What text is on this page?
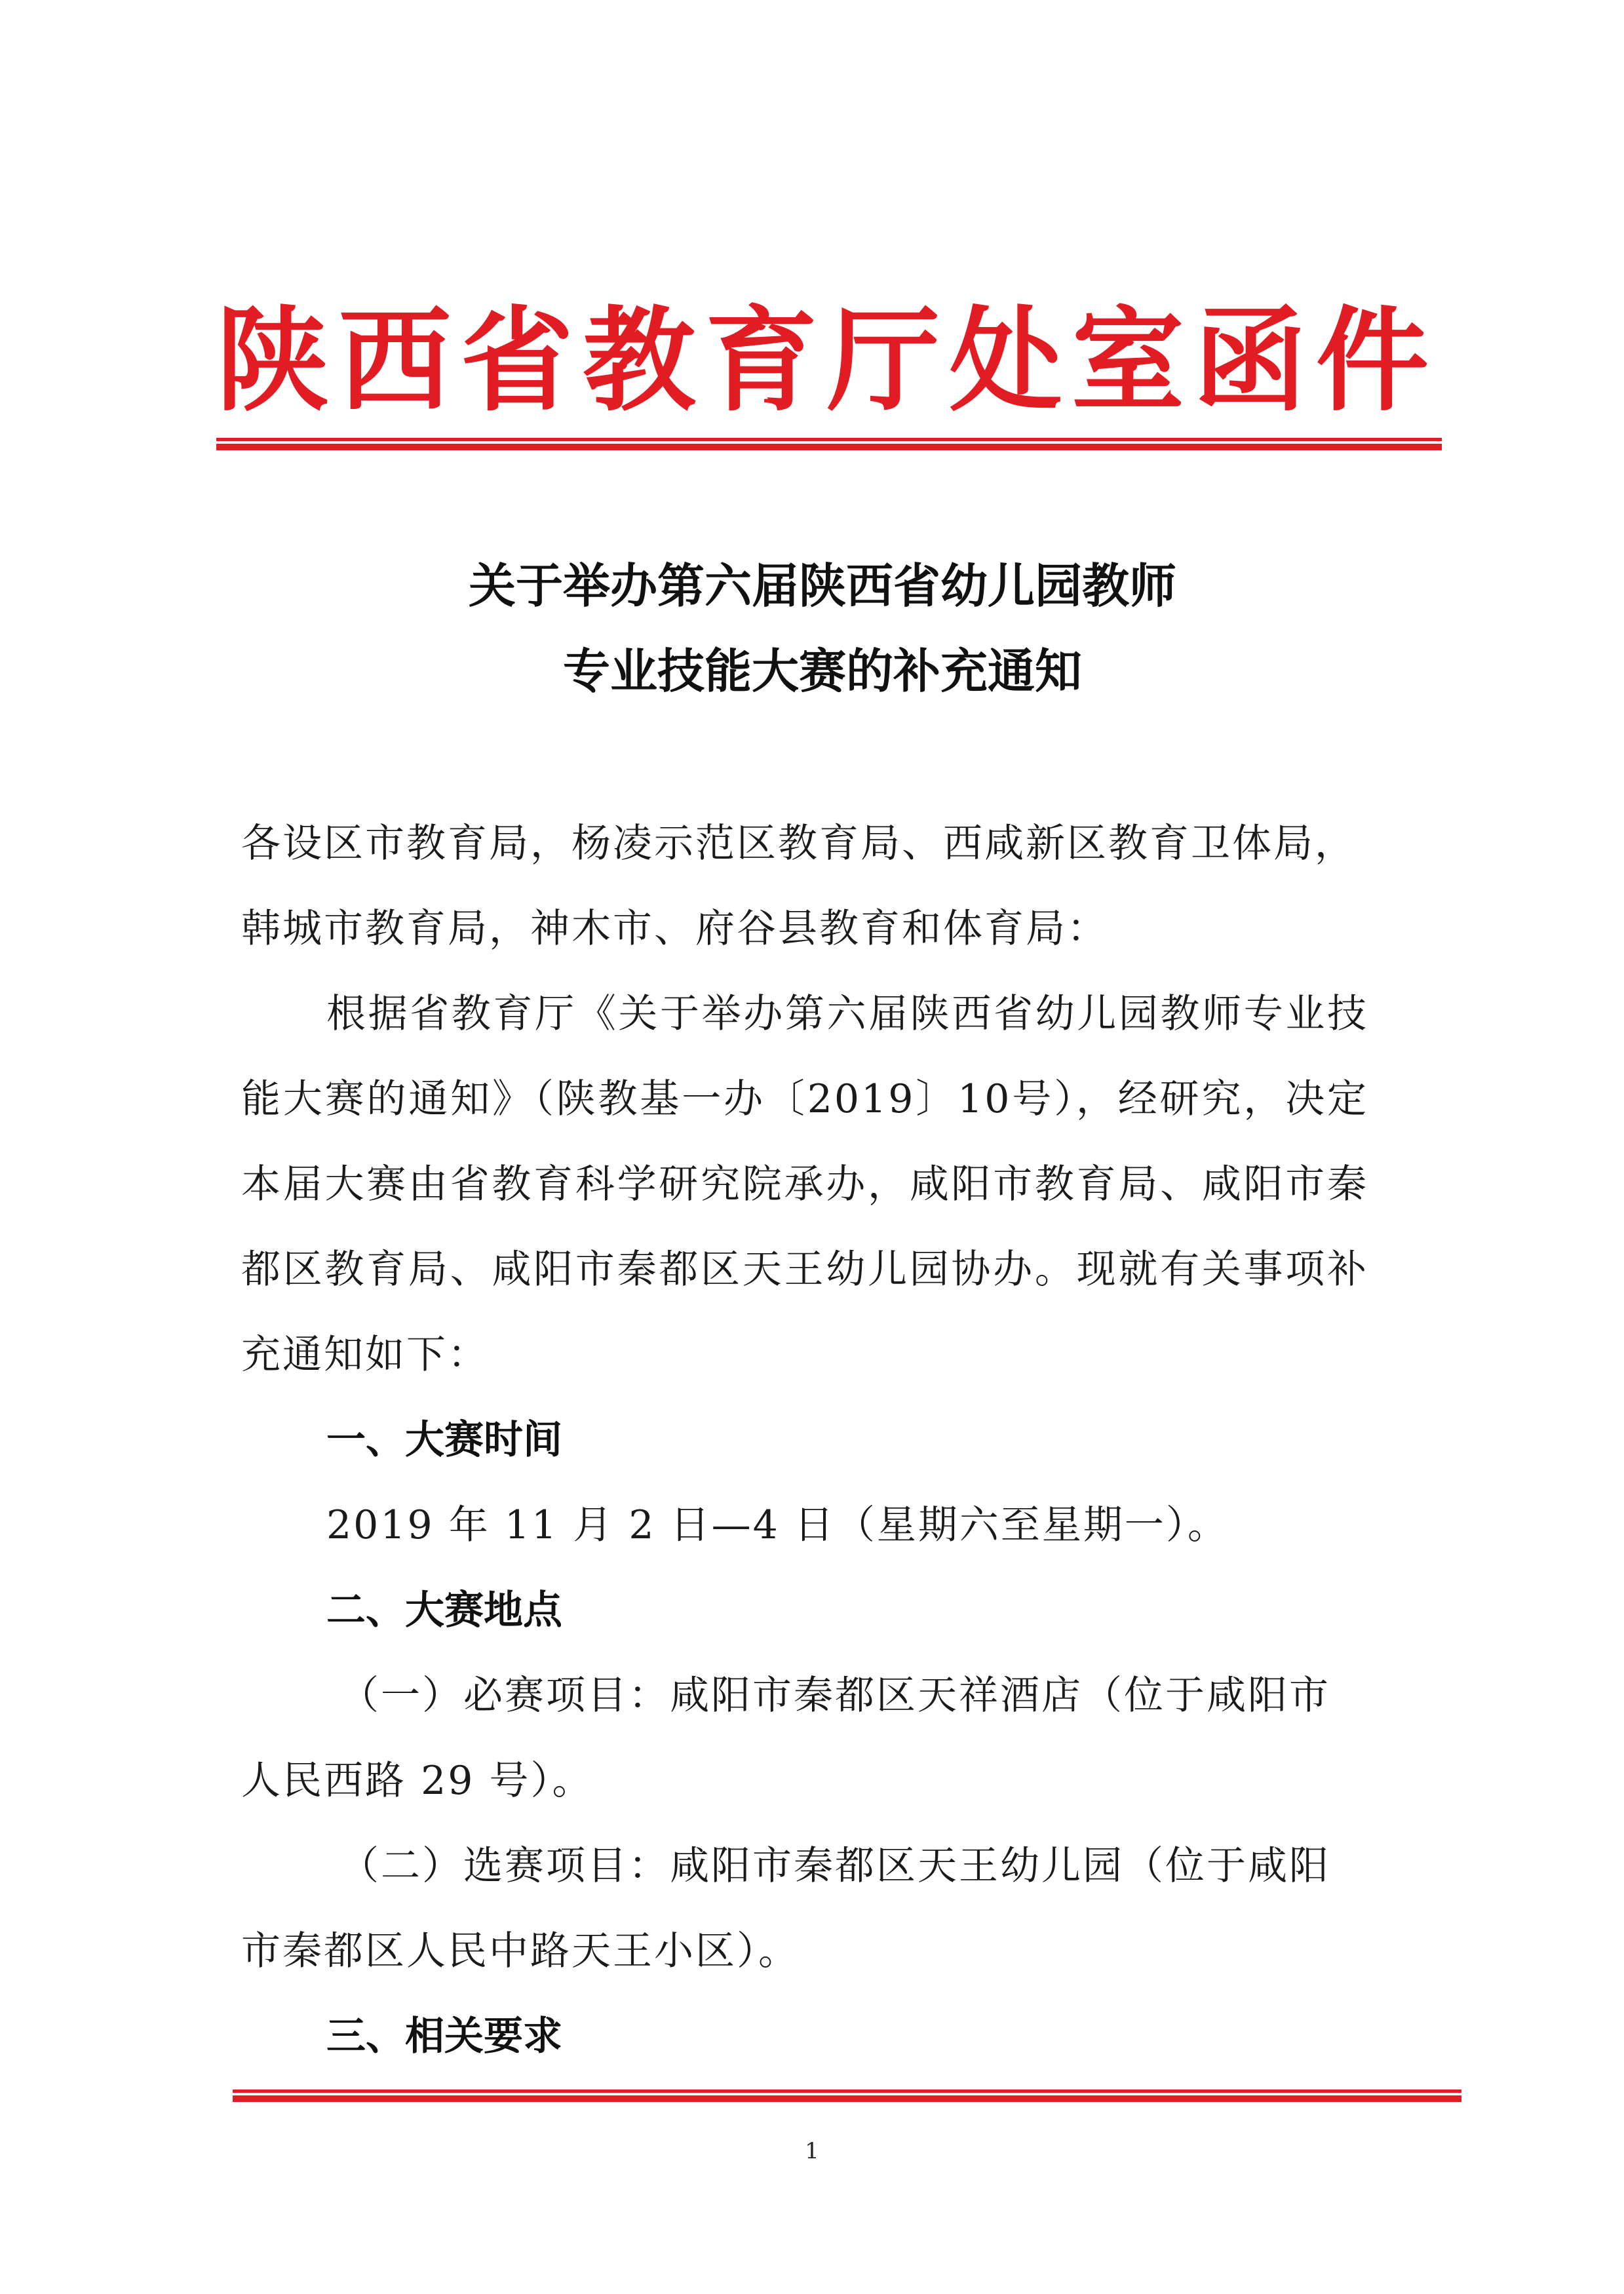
陕 西 省 教 育 厅 处 室 函 件
关于举办第六届陕西省幼儿园教师
专业技能大赛的补充通知

各设区市教育局，杨凌示范区教育局、西咸新区教育卫体局，韩城市教育局，神木市、府谷县教育和体育局：

根据省教育厅《关于举办第六届陕西省幼儿园教师专业技能大赛的通知》（陕教基一办〔2019〕10号），经研究，决定本届大赛由省教育科学研究院承办，咸阳市教育局、咸阳市秦都区教育局、咸阳市秦都区天王幼儿园协办。现就有关事项补充通知如下：

一、大赛时间

2019 年 11 月 2 日—4 日（星期六至星期一）。

二、大赛地点

（一）必赛项目：咸阳市秦都区天祥酒店（位于咸阳市人民西路 29 号）。

（二）选赛项目：咸阳市秦都区天王幼儿园（位于咸阳市秦都区人民中路天王小区）。

三、相关要求
1
